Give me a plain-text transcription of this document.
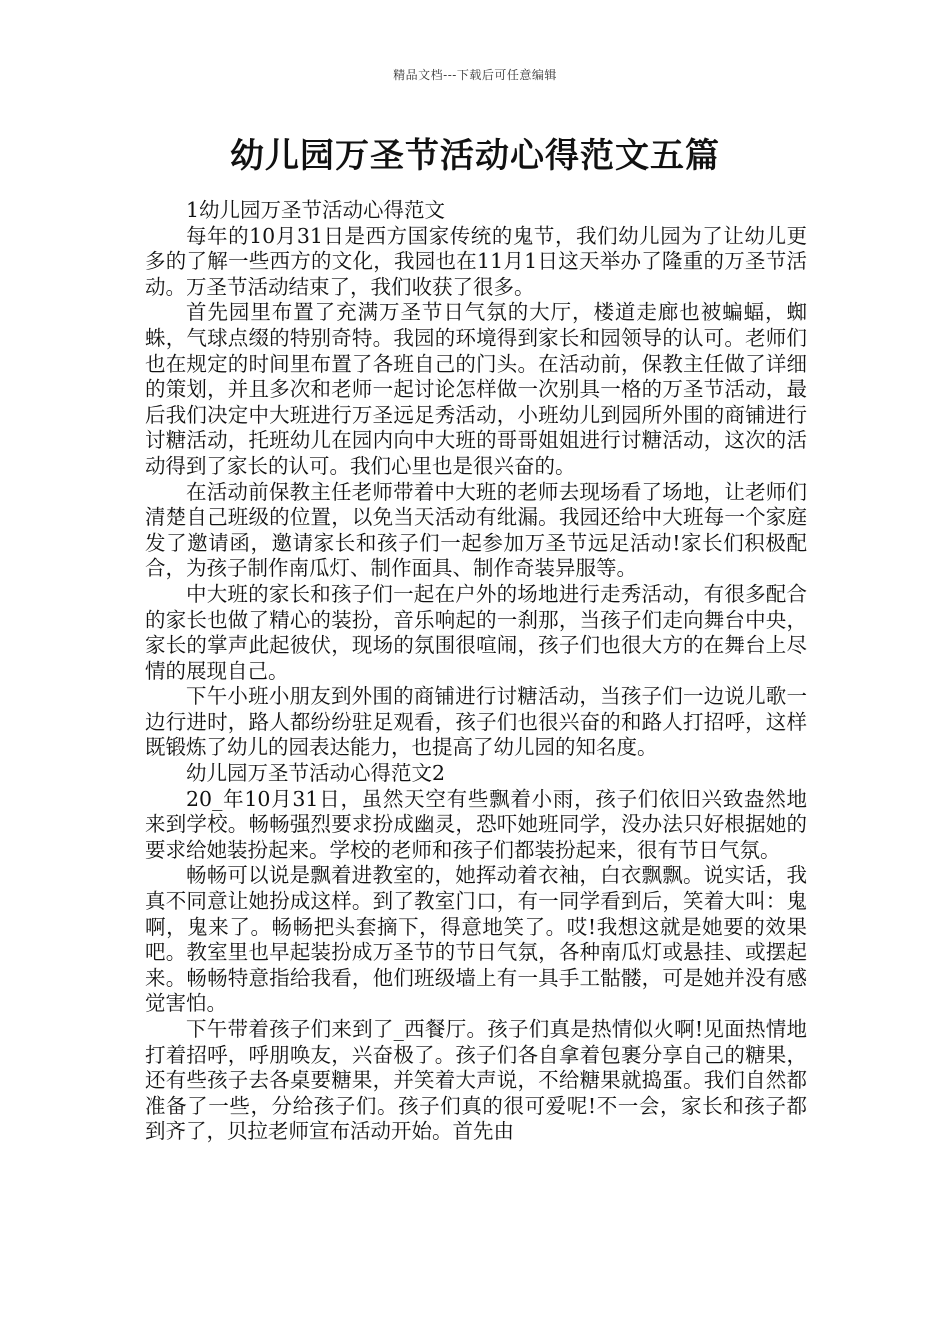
精品文档---下载后可任意编辑
幼儿园万圣节活动心得范文五篇

1幼儿园万圣节活动心得范文

每年的10月31日是西方国家传统的鬼节，我们幼儿园为了让幼儿更多的了解一些西方的文化，我园也在11月1日这天举办了隆重的万圣节活动。万圣节活动结束了，我们收获了很多。

首先园里布置了充满万圣节日气氛的大厅，楼道走廊也被蝙蝠，蜘蛛，气球点缀的特别奇特。我园的环境得到家长和园领导的认可。老师们也在规定的时间里布置了各班自己的门头。在活动前，保教主任做了详细的策划，并且多次和老师一起讨论怎样做一次别具一格的万圣节活动，最后我们决定中大班进行万圣远足秀活动，小班幼儿到园所外围的商铺进行讨糖活动，托班幼儿在园内向中大班的哥哥姐姐进行讨糖活动，这次的活动得到了家长的认可。我们心里也是很兴奋的。

在活动前保教主任老师带着中大班的老师去现场看了场地，让老师们清楚自己班级的位置，以免当天活动有纰漏。我园还给中大班每一个家庭发了邀请函，邀请家长和孩子们一起参加万圣节远足活动!家长们积极配合，为孩子制作南瓜灯、制作面具、制作奇装异服等。

中大班的家长和孩子们一起在户外的场地进行走秀活动，有很多配合的家长也做了精心的装扮，音乐响起的一刹那，当孩子们走向舞台中央，家长的掌声此起彼伏，现场的氛围很喧闹，孩子们也很大方的在舞台上尽情的展现自己。

下午小班小朋友到外围的商铺进行讨糖活动，当孩子们一边说儿歌一边行进时，路人都纷纷驻足观看，孩子们也很兴奋的和路人打招呼，这样既锻炼了幼儿的园表达能力，也提高了幼儿园的知名度。

幼儿园万圣节活动心得范文2

20_年10月31日，虽然天空有些飘着小雨，孩子们依旧兴致盎然地来到学校。畅畅强烈要求扮成幽灵，恐吓她班同学，没办法只好根据她的要求给她装扮起来。学校的老师和孩子们都装扮起来，很有节日气氛。

畅畅可以说是飘着进教室的，她挥动着衣袖，白衣飘飘。说实话，我真不同意让她扮成这样。到了教室门口，有一同学看到后，笑着大叫：鬼啊，鬼来了。畅畅把头套摘下，得意地笑了。哎!我想这就是她要的效果吧。教室里也早起装扮成万圣节的节日气氛，各种南瓜灯或悬挂、或摆起来。畅畅特意指给我看，他们班级墙上有一具手工骷髅，可是她并没有感觉害怕。

下午带着孩子们来到了_西餐厅。孩子们真是热情似火啊!见面热情地打着招呼，呼朋唤友，兴奋极了。孩子们各自拿着包裹分享自己的糖果，还有些孩子去各桌要糖果，并笑着大声说，不给糖果就捣蛋。我们自然都准备了一些，分给孩子们。孩子们真的很可爱呢!不一会，家长和孩子都到齐了，贝拉老师宣布活动开始。首先由
